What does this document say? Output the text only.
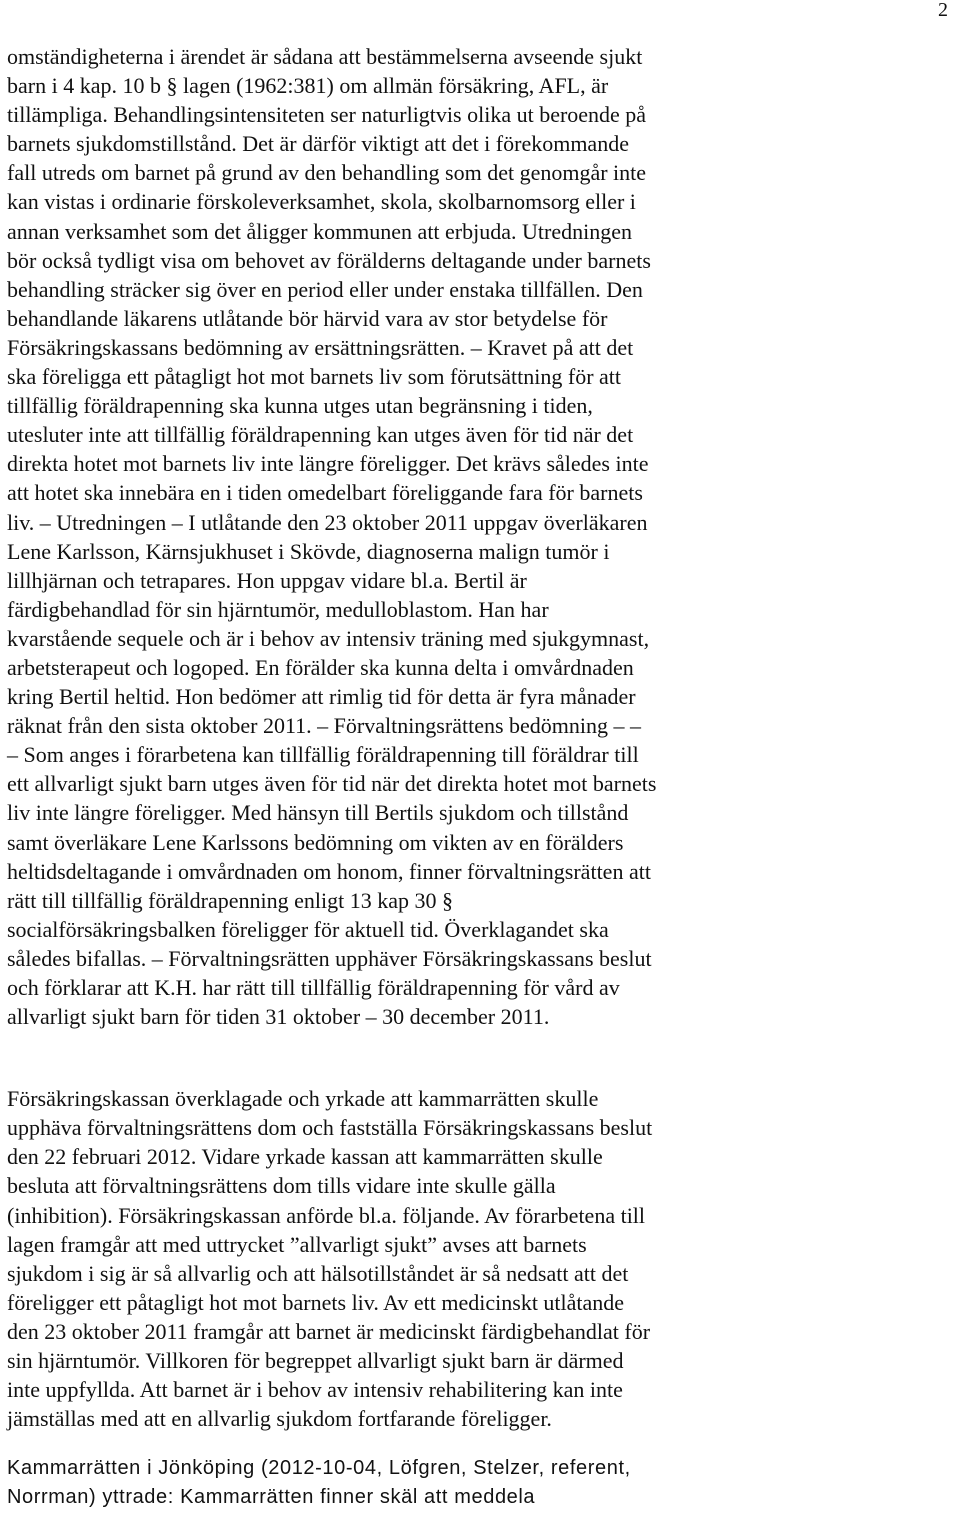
2
omständigheterna i ärendet är sådana att bestämmelserna avseende sjukt
barn i 4 kap. 10 b § lagen (1962:381) om allmän försäkring, AFL, är
tillämpliga. Behandlingsintensiteten ser naturligtvis olika ut beroende på
barnets sjukdomstillstånd. Det är därför viktigt att det i förekommande
fall utreds om barnet på grund av den behandling som det genomgår inte
kan vistas i ordinarie förskoleverksamhet, skola, skolbarnomsorg eller i
annan verksamhet som det åligger kommunen att erbjuda. Utredningen
bör också tydligt visa om behovet av förälderns deltagande under barnets
behandling sträcker sig över en period eller under enstaka tillfällen. Den
behandlande läkarens utlåtande bör härvid vara av stor betydelse för
Försäkringskassans bedömning av ersättningsrätten. – Kravet på att det
ska föreligga ett påtagligt hot mot barnets liv som förutsättning för att
tillfällig föräldrapenning ska kunna utges utan begränsning i tiden,
utesluter inte att tillfällig föräldrapenning kan utges även för tid när det
direkta hotet mot barnets liv inte längre föreligger. Det krävs således inte
att hotet ska innebära en i tiden omedelbart föreliggande fara för barnets
liv. – Utredningen – I utlåtande den 23 oktober 2011 uppgav överläkaren
Lene Karlsson, Kärnsjukhuset i Skövde, diagnoserna malign tumör i
lillhjärnan och tetrapares. Hon uppgav vidare bl.a. Bertil är
färdigbehandlad för sin hjärntumör, medulloblastom. Han har
kvarstående sequele och är i behov av intensiv träning med sjukgymnast,
arbetsterapeut och logoped. En förälder ska kunna delta i omvårdnaden
kring Bertil heltid. Hon bedömer att rimlig tid för detta är fyra månader
räknat från den sista oktober 2011. – Förvaltningsrättens bedömning – –
– Som anges i förarbetena kan tillfällig föräldrapenning till föräldrar till
ett allvarligt sjukt barn utges även för tid när det direkta hotet mot barnets
liv inte längre föreligger. Med hänsyn till Bertils sjukdom och tillstånd
samt överläkare Lene Karlssons bedömning om vikten av en förälders
heltidsdeltagande i omvårdnaden om honom, finner förvaltningsrätten att
rätt till tillfällig föräldrapenning enligt 13 kap 30 §
socialförsäkringsbalken föreligger för aktuell tid. Överklagandet ska
således bifallas. – Förvaltningsrätten upphäver Försäkringskassans beslut
och förklarar att K.H. har rätt till tillfällig föräldrapenning för vård av
allvarligt sjukt barn för tiden 31 oktober – 30 december 2011.
Försäkringskassan överklagade och yrkade att kammarrätten skulle
upphäva förvaltningsrättens dom och fastställa Försäkringskassans beslut
den 22 februari 2012. Vidare yrkade kassan att kammarrätten skulle
besluta att förvaltningsrättens dom tills vidare inte skulle gälla
(inhibition). Försäkringskassan anförde bl.a. följande. Av förarbetena till
lagen framgår att med uttrycket ”allvarligt sjukt” avses att barnets
sjukdom i sig är så allvarlig och att hälsotillståndet är så nedsatt att det
föreligger ett påtagligt hot mot barnets liv. Av ett medicinskt utlåtande
den 23 oktober 2011 framgår att barnet är medicinskt färdigbehandlat för
sin hjärntumör. Villkoren för begreppet allvarligt sjukt barn är därmed
inte uppfyllda. Att barnet är i behov av intensiv rehabilitering kan inte
jämställas med att en allvarlig sjukdom fortfarande föreligger.
Kammarrätten i Jönköping (2012-10-04, Löfgren, Stelzer, referent,
Norrman) yttrade: Kammarrätten finner skäl att meddela
